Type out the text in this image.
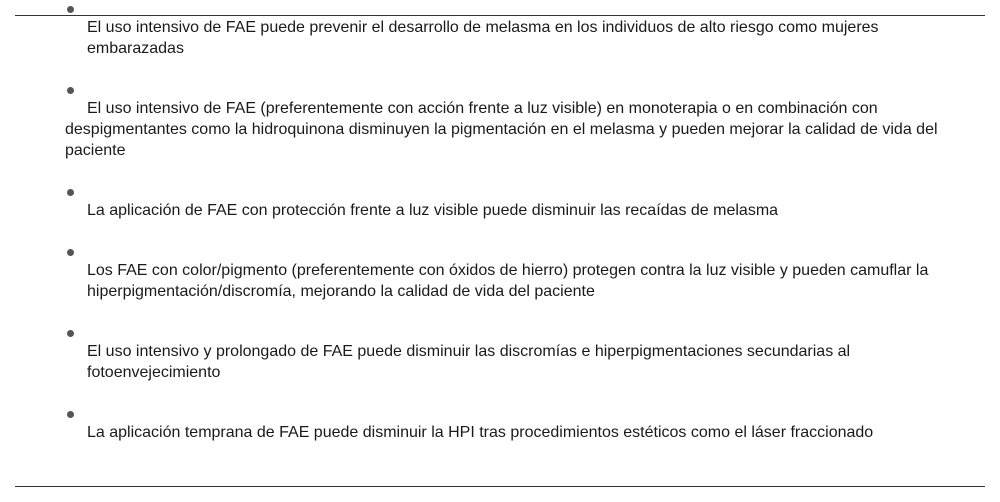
El uso intensivo de FAE puede prevenir el desarrollo de melasma en los individuos de alto riesgo como mujeres embarazadas

El uso intensivo de FAE (preferentemente con acción frente a luz visible) en monoterapia o en combinación con despigmentantes como la hidroquinona disminuyen la pigmentación en el melasma y pueden mejorar la calidad de vida del paciente

La aplicación de FAE con protección frente a luz visible puede disminuir las recaídas de melasma

Los FAE con color/pigmento (preferentemente con óxidos de hierro) protegen contra la luz visible y pueden camuflar la hiperpigmentación/discromía, mejorando la calidad de vida del paciente

El uso intensivo y prolongado de FAE puede disminuir las discromías e hiperpigmentaciones secundarias al fotoenvejecimiento

La aplicación temprana de FAE puede disminuir la HPI tras procedimientos estéticos como el láser fraccionado
